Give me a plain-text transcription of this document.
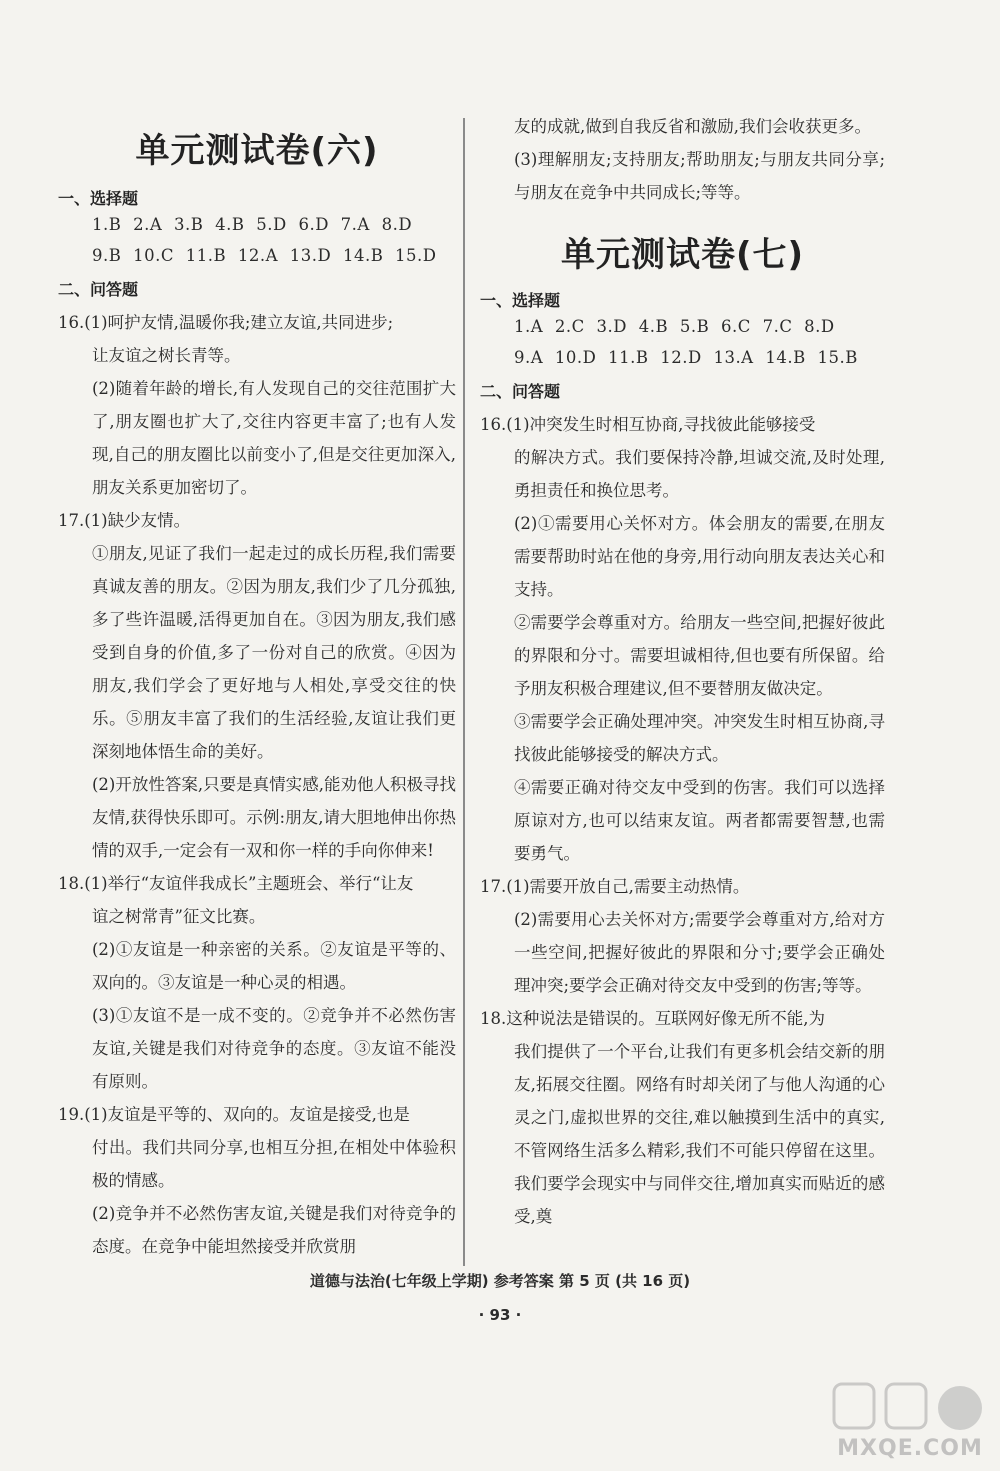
单元测试卷(六)
一、选择题
1.B 2.A 3.B 4.B 5.D 6.D 7.A 8.D
9.B 10.C 11.B 12.A 13.D 14.B 15.D
二、问答题

16.(1)呵护友情,温暖你我;建立友谊,共同进步;

让友谊之树长青等。

(2)随着年龄的增长,有人发现自己的交往范围扩大了,朋友圈也扩大了,交往内容更丰富了;也有人发现,自己的朋友圈比以前变小了,但是交往更加深入,朋友关系更加密切了。

17.(1)缺少友情。

①朋友,见证了我们一起走过的成长历程,我们需要真诚友善的朋友。②因为朋友,我们少了几分孤独,多了些许温暖,活得更加自在。③因为朋友,我们感受到自身的价值,多了一份对自己的欣赏。④因为朋友,我们学会了更好地与人相处,享受交往的快乐。⑤朋友丰富了我们的生活经验,友谊让我们更深刻地体悟生命的美好。

(2)开放性答案,只要是真情实感,能劝他人积极寻找友情,获得快乐即可。示例:朋友,请大胆地伸出你热情的双手,一定会有一双和你一样的手向你伸来!

18.(1)举行“友谊伴我成长”主题班会、举行“让友

谊之树常青”征文比赛。

(2)①友谊是一种亲密的关系。②友谊是平等的、双向的。③友谊是一种心灵的相遇。

(3)①友谊不是一成不变的。②竞争并不必然伤害友谊,关键是我们对待竞争的态度。③友谊不能没有原则。

19.(1)友谊是平等的、双向的。友谊是接受,也是

付出。我们共同分享,也相互分担,在相处中体验积极的情感。

(2)竞争并不必然伤害友谊,关键是我们对待竞争的态度。在竞争中能坦然接受并欣赏朋

友的成就,做到自我反省和激励,我们会收获更多。

(3)理解朋友;支持朋友;帮助朋友;与朋友共同分享;与朋友在竞争中共同成长;等等。

单元测试卷(七)
一、选择题
1.A 2.C 3.D 4.B 5.B 6.C 7.C 8.D
9.A 10.D 11.B 12.D 13.A 14.B 15.B
二、问答题

16.(1)冲突发生时相互协商,寻找彼此能够接受

的解决方式。我们要保持冷静,坦诚交流,及时处理,勇担责任和换位思考。

(2)①需要用心关怀对方。体会朋友的需要,在朋友需要帮助时站在他的身旁,用行动向朋友表达关心和支持。

②需要学会尊重对方。给朋友一些空间,把握好彼此的界限和分寸。需要坦诚相待,但也要有所保留。给予朋友积极合理建议,但不要替朋友做决定。

③需要学会正确处理冲突。冲突发生时相互协商,寻找彼此能够接受的解决方式。

④需要正确对待交友中受到的伤害。我们可以选择原谅对方,也可以结束友谊。两者都需要智慧,也需要勇气。

17.(1)需要开放自己,需要主动热情。

(2)需要用心去关怀对方;需要学会尊重对方,给对方一些空间,把握好彼此的界限和分寸;要学会正确处理冲突;要学会正确对待交友中受到的伤害;等等。

18.这种说法是错误的。互联网好像无所不能,为

我们提供了一个平台,让我们有更多机会结交新的朋友,拓展交往圈。网络有时却关闭了与他人沟通的心灵之门,虚拟世界的交往,难以触摸到生活中的真实,不管网络生活多么精彩,我们不可能只停留在这里。我们要学会现实中与同伴交往,增加真实而贴近的感受,奠

道德与法治(七年级上学期) 参考答案 第 5 页 (共 16 页)
· 93 ·
MXQE.COM
